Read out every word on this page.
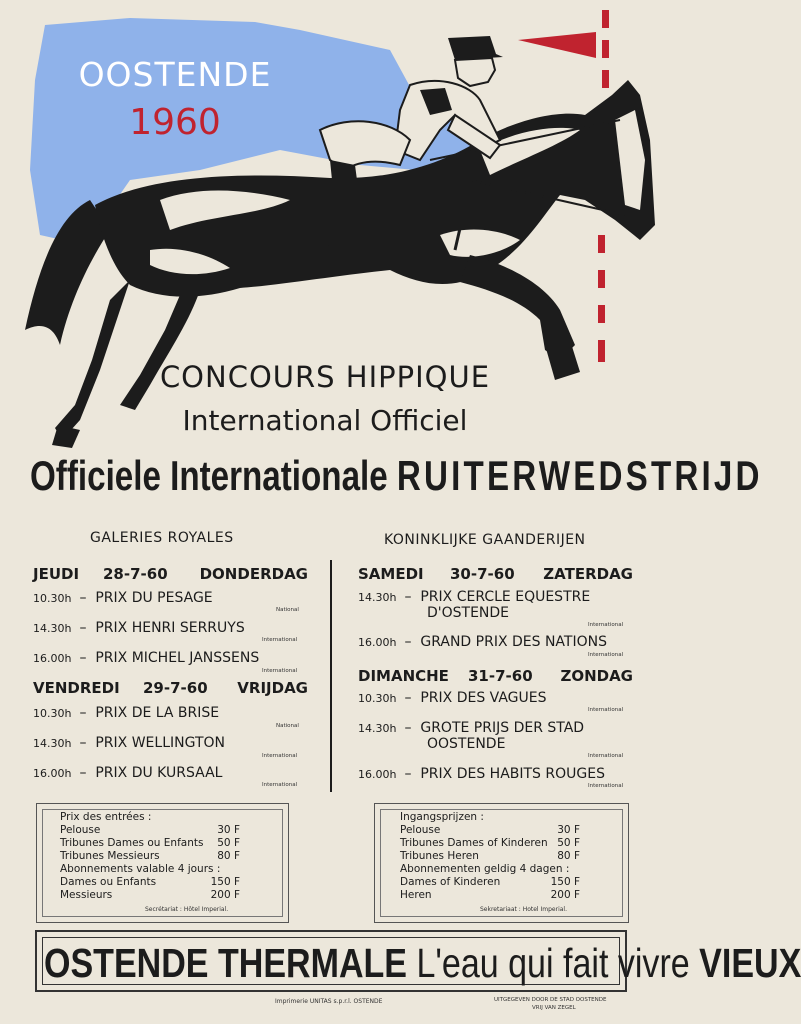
OOSTENDE
1960
CONCOURS HIPPIQUE
International Officiel
Officiele Internationale RUITERWEDSTRIJD
GALERIES ROYALES	KONINKLIJKE GAANDERIJEN
JEUDI 28-7-60 DONDERDAG
10.30h –  PRIX DU PESAGE
National
14.30h –  PRIX HENRI SERRUYS
International
16.00h –  PRIX MICHEL JANSSENS
International
VENDREDI 29-7-60 VRIJDAG
10.30h –  PRIX DE LA BRISE
National
14.30h –  PRIX WELLINGTON
International
16.00h –  PRIX DU KURSAAL
International
SAMEDI 30-7-60 ZATERDAG
14.30h –  PRIX CERCLE EQUESTRE
D'OSTENDE
International
16.00h –  GRAND PRIX DES NATIONS
International
DIMANCHE 31-7-60 ZONDAG
10.30h –  PRIX DES VAGUES
International
14.30h –  GROTE PRIJS DER STAD
OOSTENDE
International
16.00h –  PRIX DES HABITS ROUGES
International
Prix des entrées :
Pelouse	30 F
Tribunes Dames ou Enfants 50 F
Tribunes Messieurs	80 F
Abonnements valable 4 jours :
Dames ou Enfants	150 F
Messieurs	200 F
Secrétariat : Hôtel Imperial.
Ingangsprijzen :
Pelouse	30 F
Tribunes Dames of Kinderen 50 F
Tribunes Heren	80 F
Abonnementen geldig 4 dagen :
Dames of Kinderen	150 F
Heren	200 F
Sekretariaat : Hotel Imperial.
OSTENDE THERMALE L'eau qui fait vivre VIEUX
Imprimerie UNITAS s.p.r.l. OSTENDE	UITGEGEVEN DOOR DE STAD OOSTENDE
VRIJ VAN ZEGEL
